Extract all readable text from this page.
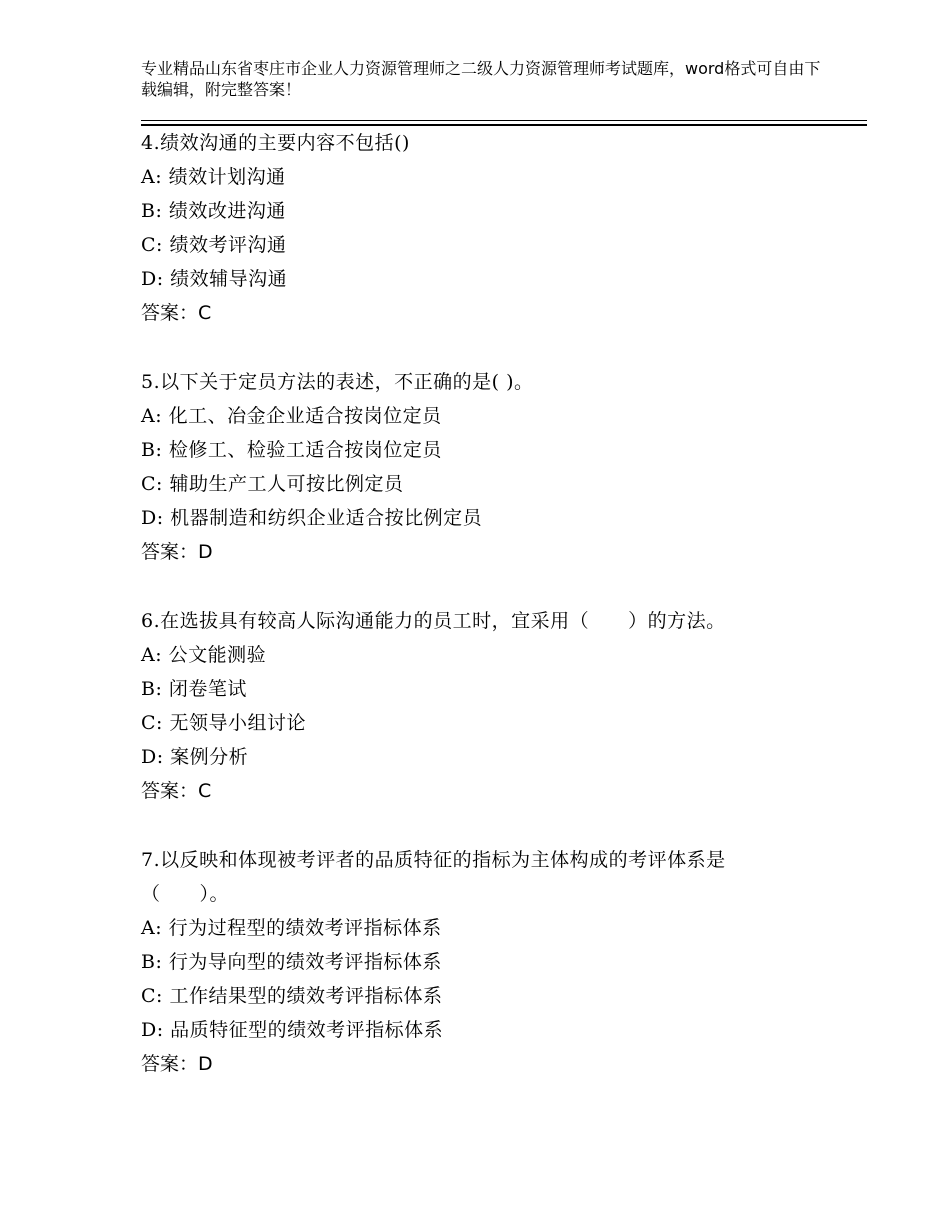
专业精品山东省枣庄市企业人力资源管理师之二级人力资源管理师考试题库，word格式可自由下载编辑，附完整答案！
4.绩效沟通的主要内容不包括()
A: 绩效计划沟通
B: 绩效改进沟通
C: 绩效考评沟通
D: 绩效辅导沟通
答案：C
5.以下关于定员方法的表述，不正确的是( )。
A: 化工、冶金企业适合按岗位定员
B: 检修工、检验工适合按岗位定员
C: 辅助生产工人可按比例定员
D: 机器制造和纺织企业适合按比例定员
答案：D
6.在选拔具有较高人际沟通能力的员工时，宜采用（　　）的方法。
A: 公文能测验
B: 闭卷笔试
C: 无领导小组讨论
D: 案例分析
答案：C
7.以反映和体现被考评者的品质特征的指标为主体构成的考评体系是（　　）。
A: 行为过程型的绩效考评指标体系
B: 行为导向型的绩效考评指标体系
C: 工作结果型的绩效考评指标体系
D: 品质特征型的绩效考评指标体系
答案：D
